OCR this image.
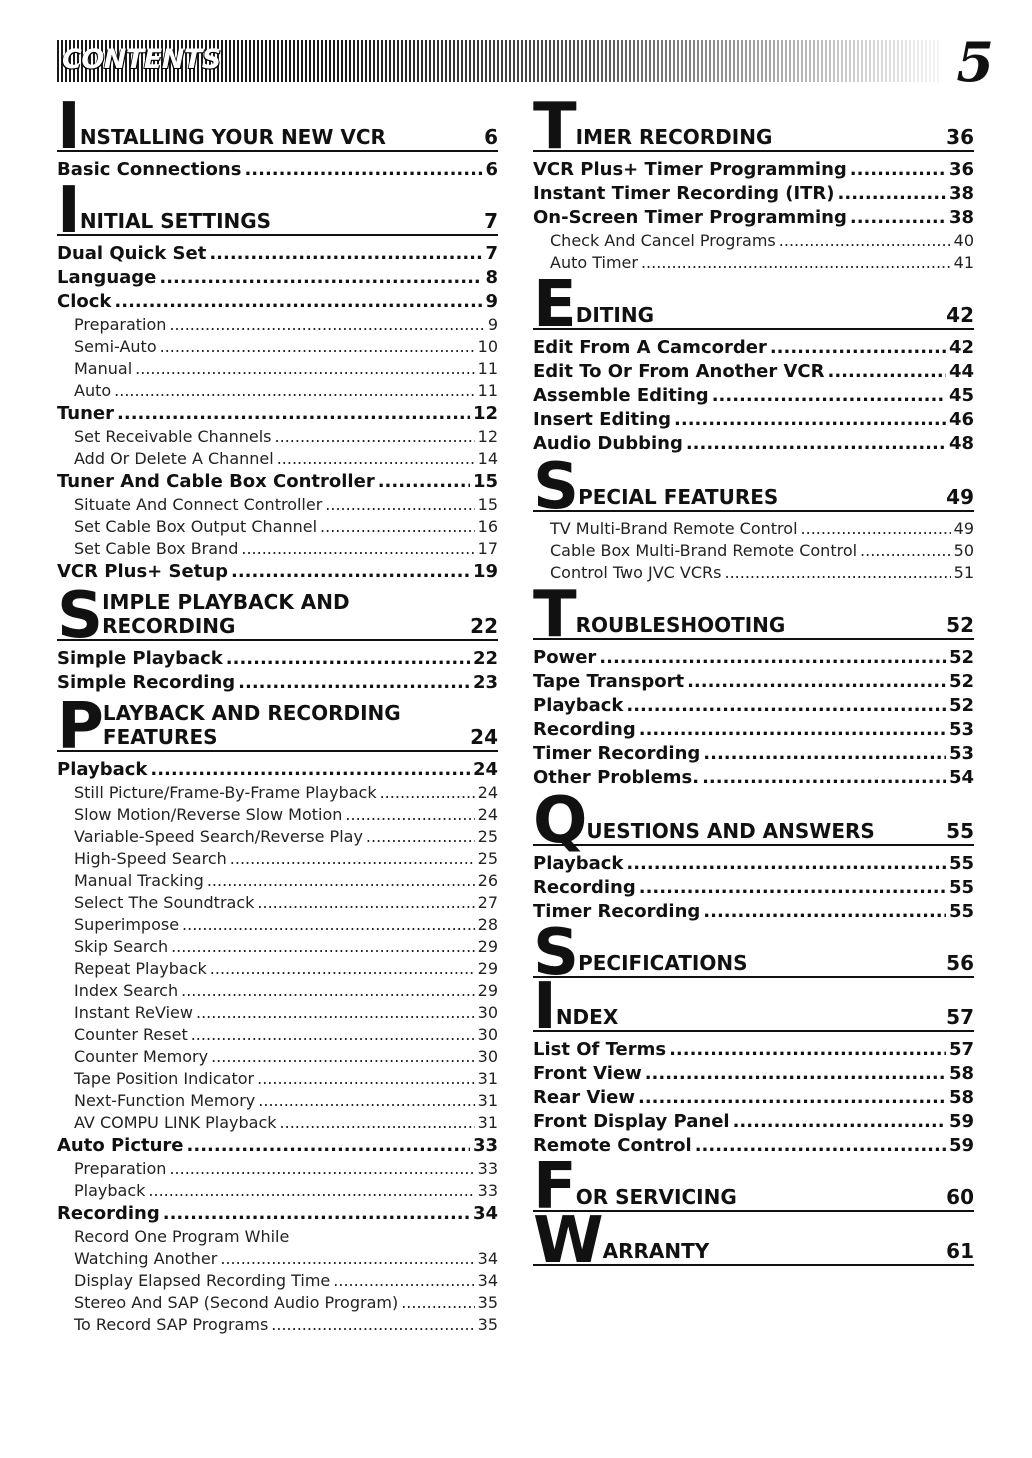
CONTENTS	5
I NSTALLING YOUR NEW VCR	6
Basic Connections .....	6
I NITIAL SETTINGS	7
Dual Quick Set .....	7
Language .....	8
Clock .....	9
Preparation .....	9
Semi-Auto .....	10
Manual .....	11
Auto .....	11
Tuner .....	12
Set Receivable Channels .....	12
Add Or Delete A Channel .....	14
Tuner And Cable Box Controller .....	15
Situate And Connect Controller .....	15
Set Cable Box Output Channel .....	16
Set Cable Box Brand .....	17
VCR Plus+ Setup .....	19
S IMPLE PLAYBACK AND
RECORDING	22
Simple Playback .....	22
Simple Recording .....	23
P LAYBACK AND RECORDING
FEATURES	24
Playback .....	24
Still Picture/Frame-By-Frame Playback .....	24
Slow Motion/Reverse Slow Motion .....	24
Variable-Speed Search/Reverse Play .....	25
High-Speed Search .....	25
Manual Tracking .....	26
Select The Soundtrack .....	27
Superimpose .....	28
Skip Search .....	29
Repeat Playback .....	29
Index Search .....	29
Instant ReView .....	30
Counter Reset .....	30
Counter Memory .....	30
Tape Position Indicator .....	31
Next-Function Memory .....	31
AV COMPU LINK Playback .....	31
Auto Picture .....	33
Preparation .....	33
Playback .....	33
Recording .....	34
Record One Program While
Watching Another .....	34
Display Elapsed Recording Time .....	34
Stereo And SAP (Second Audio Program) .....	35
To Record SAP Programs .....	35
T IMER RECORDING	36
VCR Plus+ Timer Programming .....	36
Instant Timer Recording (ITR) .....	38
On-Screen Timer Programming .....	38
Check And Cancel Programs .....	40
Auto Timer .....	41
E DITING	42
Edit From A Camcorder .....	42
Edit To Or From Another VCR .....	44
Assemble Editing .....	45
Insert Editing .....	46
Audio Dubbing .....	48
S PECIAL FEATURES	49
TV Multi-Brand Remote Control .....	49
Cable Box Multi-Brand Remote Control .....	50
Control Two JVC VCRs .....	51
T ROUBLESHOOTING	52
Power .....	52
Tape Transport .....	52
Playback .....	52
Recording .....	53
Timer Recording .....	53
Other Problems. .....	54
Q UESTIONS AND ANSWERS	55
Playback .....	55
Recording .....	55
Timer Recording .....	55
S PECIFICATIONS	56
I NDEX	57
List Of Terms .....	57
Front View .....	58
Rear View .....	58
Front Display Panel .....	59
Remote Control .....	59
F OR SERVICING	60
W ARRANTY	61
